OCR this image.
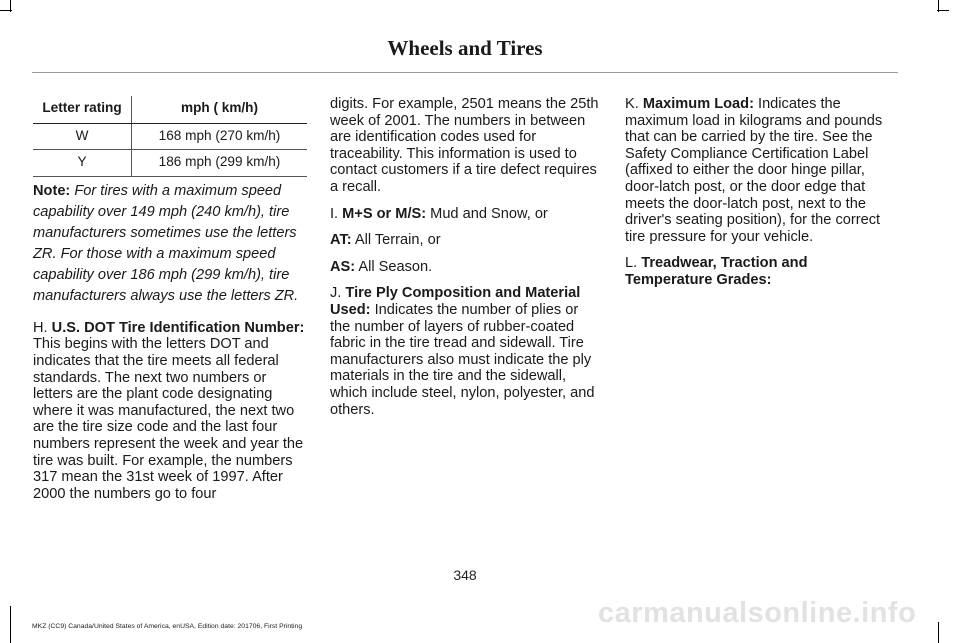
Wheels and Tires
Letter rating	mph ( km/h)
W	168 mph (270 km/h)
Y	186 mph (299 km/h)

Note: For tires with a maximum speed capability over 149 mph (240 km/h), tire manufacturers sometimes use the letters ZR. For those with a maximum speed capability over 186 mph (299 km/h), tire manufacturers always use the letters ZR.

H. U.S. DOT Tire Identification Number: This begins with the letters DOT and indicates that the tire meets all federal standards. The next two numbers or letters are the plant code designating where it was manufactured, the next two are the tire size code and the last four numbers represent the week and year the tire was built. For example, the numbers 317 mean the 31st week of 1997. After 2000 the numbers go to four

digits. For example, 2501 means the 25th week of 2001. The numbers in between are identification codes used for traceability. This information is used to contact customers if a tire defect requires a recall.

I. M+S or M/S: Mud and Snow, or

AT: All Terrain, or

AS: All Season.

J. Tire Ply Composition and Material Used: Indicates the number of plies or the number of layers of rubber-coated fabric in the tire tread and sidewall. Tire manufacturers also must indicate the ply materials in the tire and the sidewall, which include steel, nylon, polyester, and others.

K. Maximum Load: Indicates the maximum load in kilograms and pounds that can be carried by the tire. See the Safety Compliance Certification Label (affixed to either the door hinge pillar, door-latch post, or the door edge that meets the door-latch post, next to the driver's seating position), for the correct tire pressure for your vehicle.

L. Treadwear, Traction and Temperature Grades:

348
MKZ (CC9) Canada/United States of America, enUSA, Edition date: 201706, First Printing	carmanualsonline.info
